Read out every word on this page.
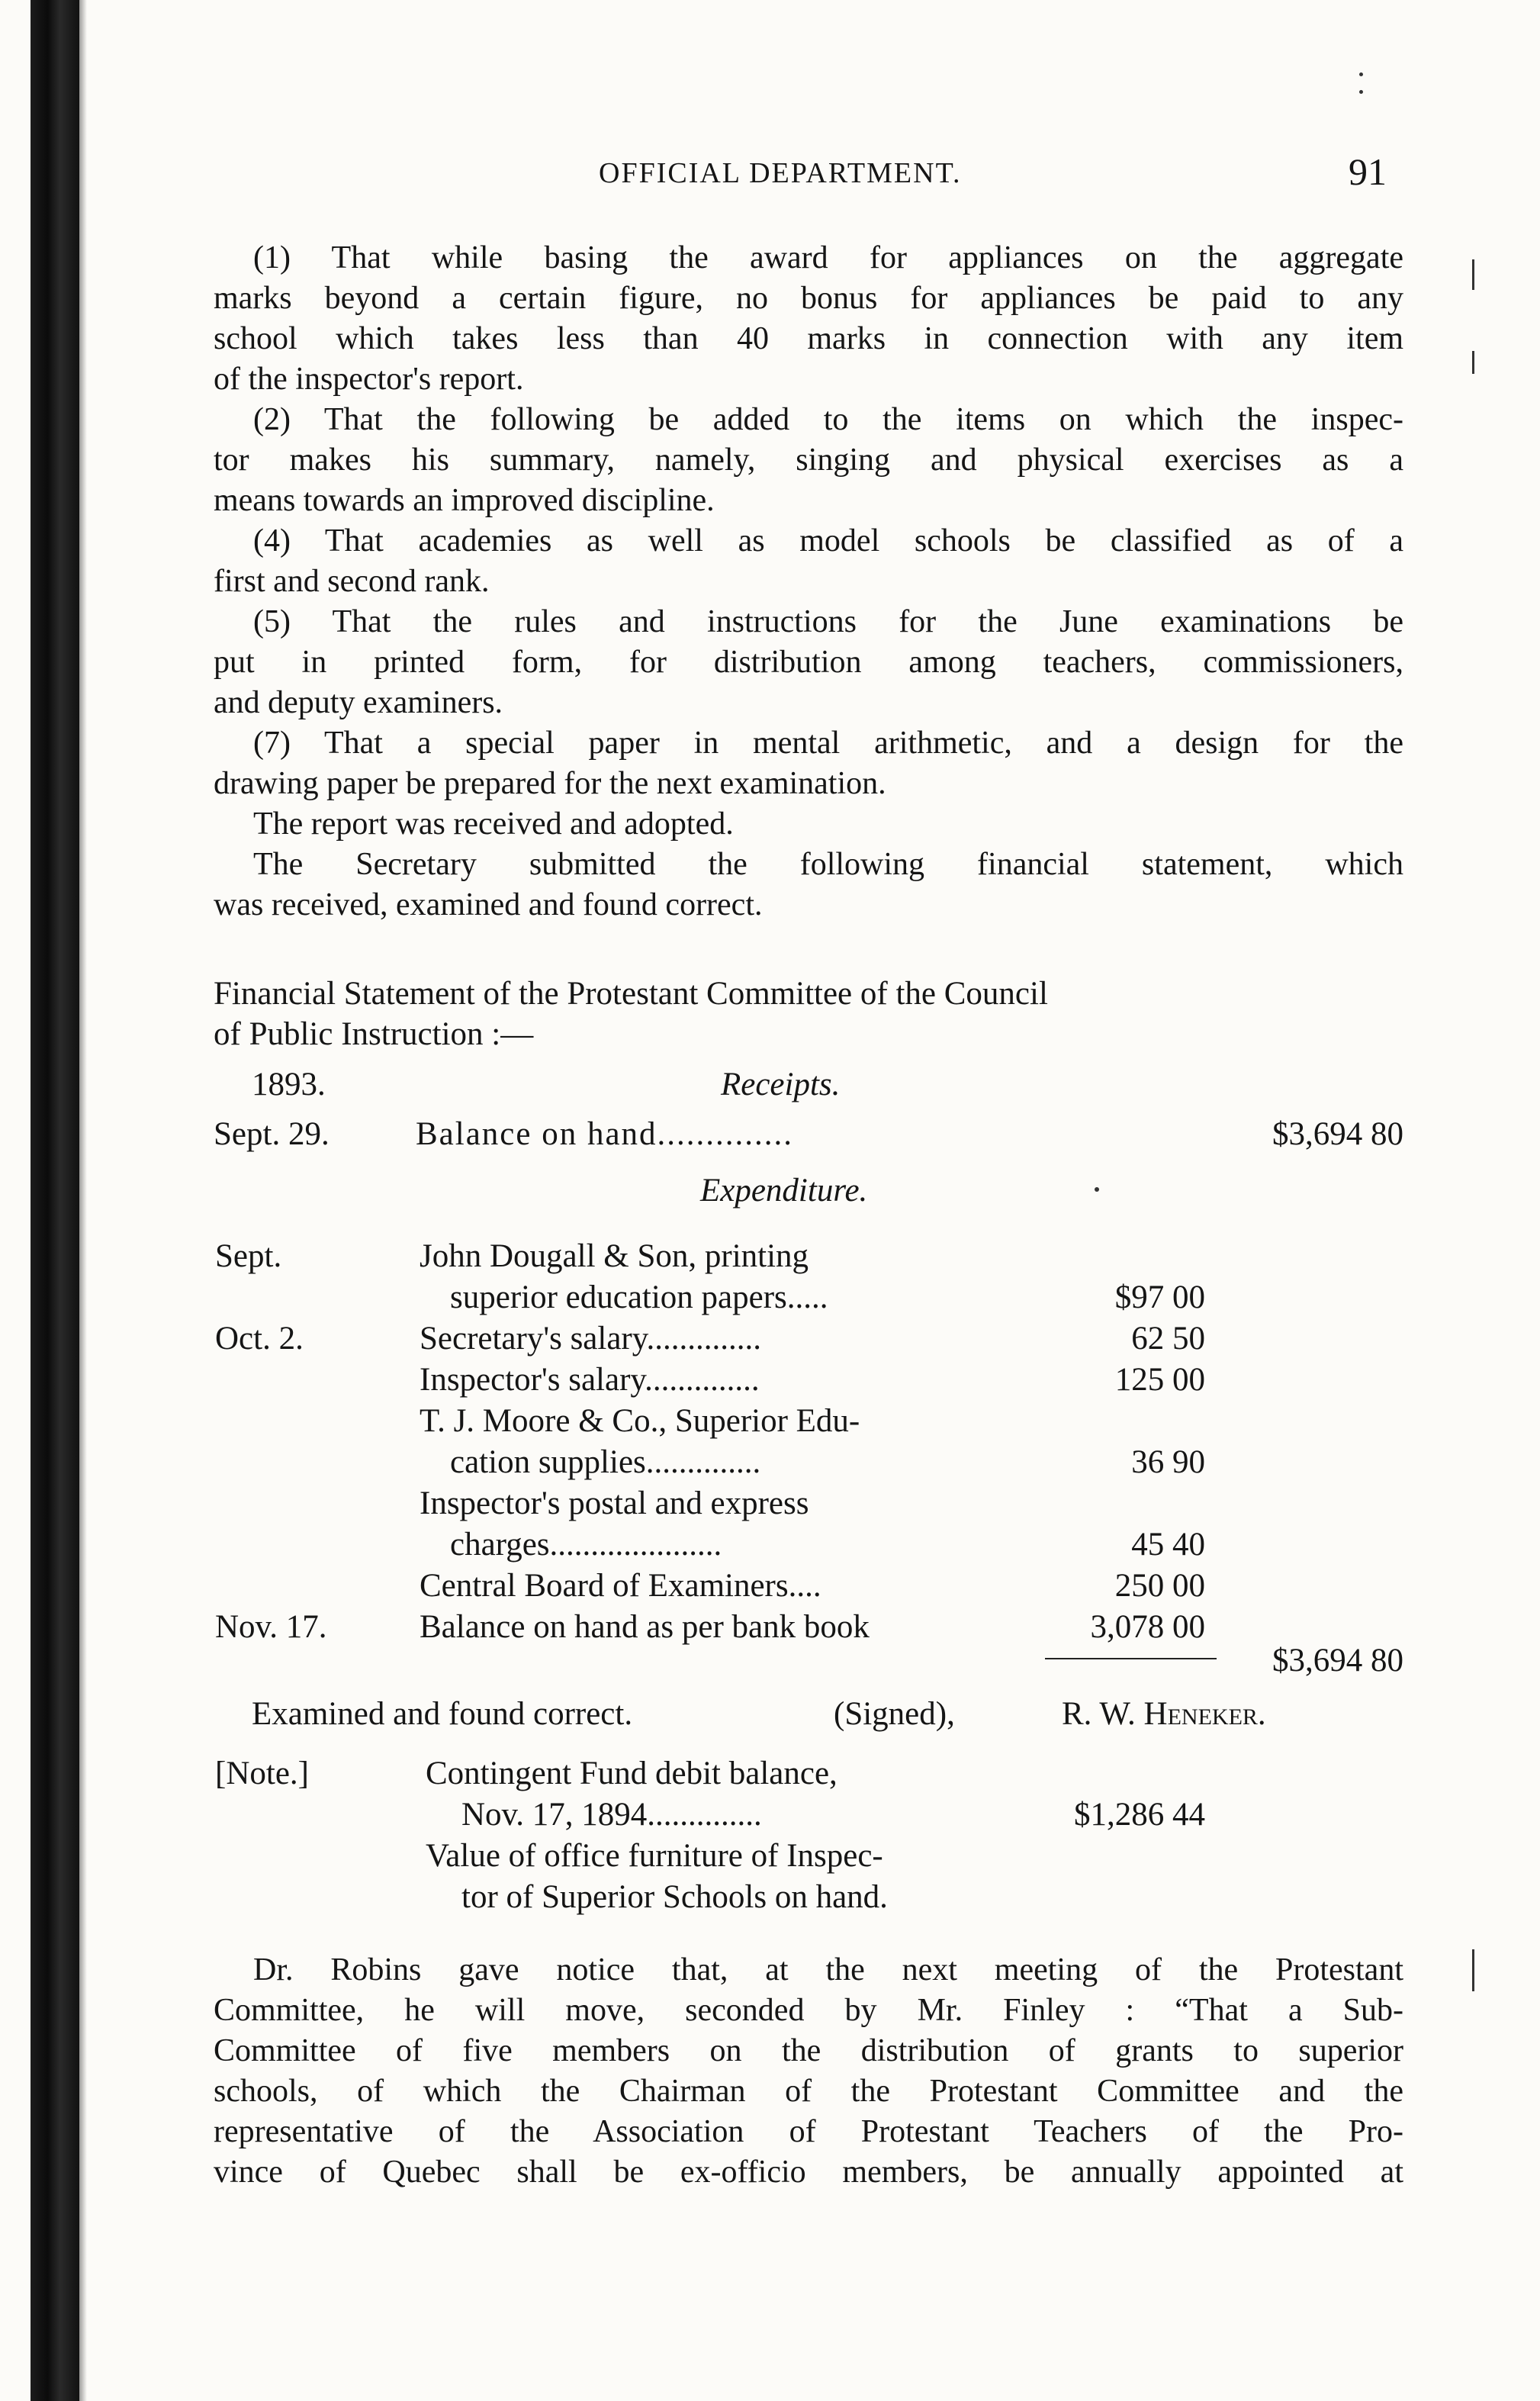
OFFICIAL DEPARTMENT.	91
(1) That while basing the award for appliances on the aggregate
marks beyond a certain figure, no bonus for appliances be paid to any
school which takes less than 40 marks in connection with any item
of the inspector's report.
(2) That the following be added to the items on which the inspec-
tor makes his summary, namely, singing and physical exercises as a
means towards an improved discipline.
(4) That academies as well as model schools be classified as of a
first and second rank.
(5) That the rules and instructions for the June examinations be
put in printed form, for distribution among teachers, commissioners,
and deputy examiners.
(7) That a special paper in mental arithmetic, and a design for the
drawing paper be prepared for the next examination.
The report was received and adopted.
The Secretary submitted the following financial statement, which
was received, examined and found correct.
Financial Statement of the Protestant Committee of the Council
of Public Instruction :—
1893.	Receipts.
Sept. 29.	Balance on hand..............	$3,694 80
Expenditure.
Sept.	John Dougall & Son, printing
superior education papers.....	$97 00
Oct. 2.	Secretary's salary..............	62 50
Inspector's salary..............	125 00
T. J. Moore & Co., Superior Edu-
cation supplies..............	36 90
Inspector's postal and express
charges.....................	45 40
Central Board of Examiners....	250 00
Nov. 17.	Balance on hand as per bank book	3,078 00
$3,694 80
Examined and found correct.	(Signed),	R. W. Heneker.
[Note.]	Contingent Fund debit balance,
Nov. 17, 1894..............	$1,286 44
Value of office furniture of Inspec-
tor of Superior Schools on hand.
Dr. Robins gave notice that, at the next meeting of the Protestant
Committee, he will move, seconded by Mr. Finley : “That a Sub-
Committee of five members on the distribution of grants to superior
schools, of which the Chairman of the Protestant Committee and the
representative of the Association of Protestant Teachers of the Pro-
vince of Quebec shall be ex-officio members, be annually appointed at
